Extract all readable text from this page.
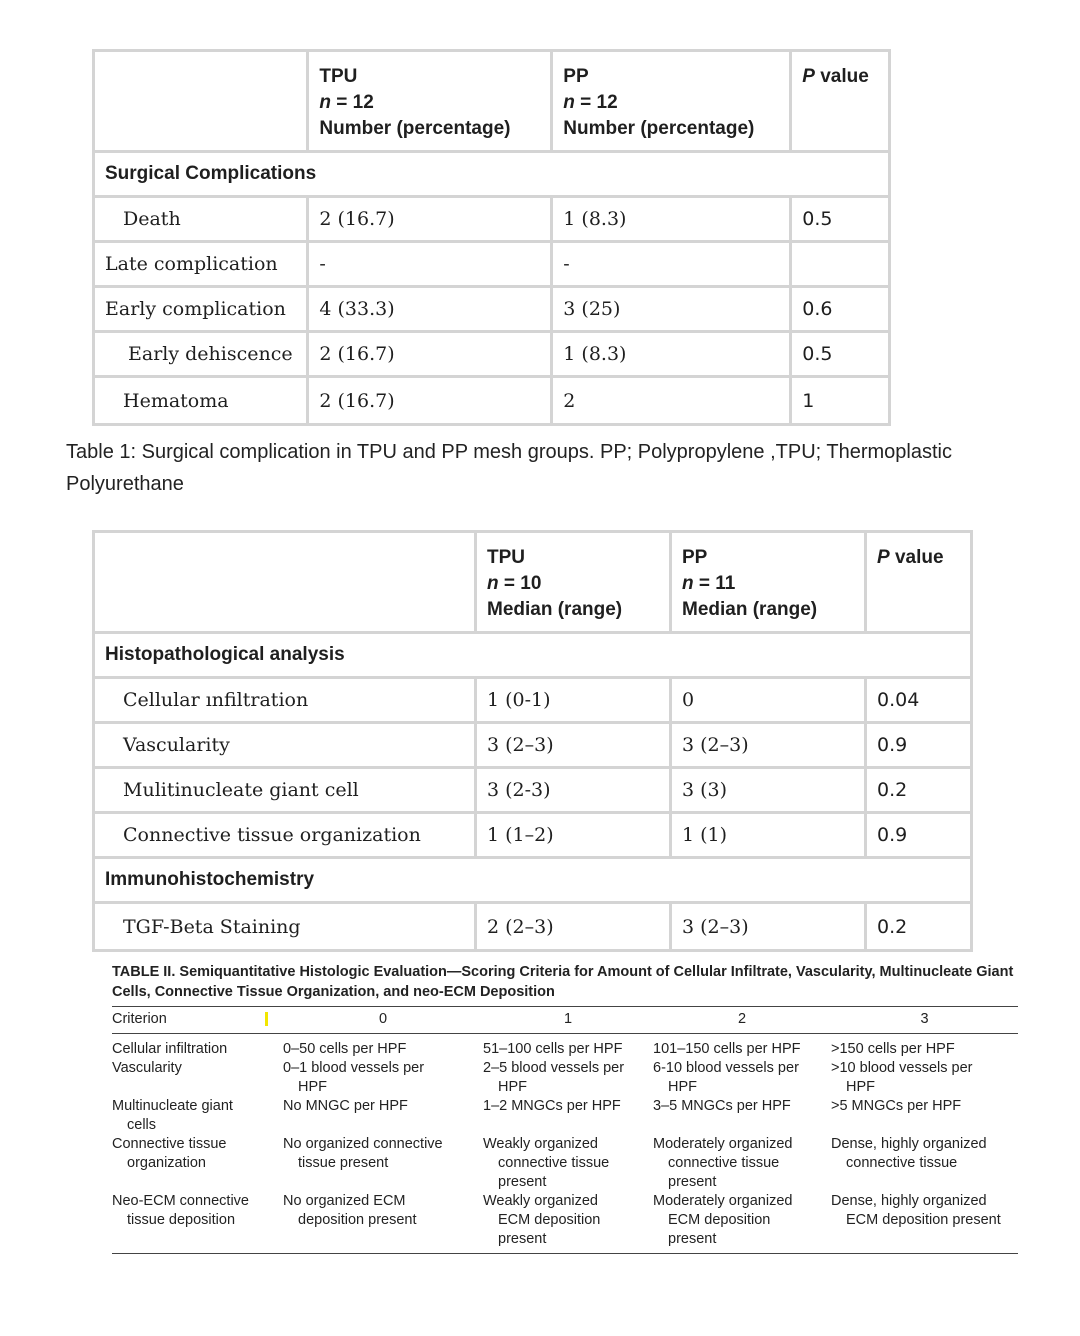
	TPU
n = 12
Number (percentage)	PP
n = 12
Number (percentage)	P value
Surgical Complications			
Death	2 (16.7)	1 (8.3)	0.5
Late complication	-	-	
Early complication	4 (33.3)	3 (25)	0.6
Early dehiscence	2 (16.7)	1 (8.3)	0.5
Hematoma	2 (16.7)	2	1
Table 1: Surgical complication in TPU and PP mesh groups. PP; Polypropylene ,TPU; Thermoplastic Polyurethane

	TPU
n = 10
Median (range)	PP
n = 11
Median (range)	P value
Histopathological analysis			
Cellular ınfiltration	1 (0-1)	0	0.04
Vascularity	3 (2–3)	3 (2–3)	0.9
Mulitinucleate giant cell	3 (2-3)	3 (3)	0.2
Connective tissue organization	1 (1–2)	1 (1)	0.9
Immunohistochemistry			
TGF-Beta Staining	2 (2–3)	3 (2–3)	0.2
TABLE II. Semiquantitative Histologic Evaluation—Scoring Criteria for Amount of Cellular Infiltrate, Vascularity, Multinucleate Giant Cells, Connective Tissue Organization, and neo-ECM Deposition
Criterion	0	1	2	3

Cellular infiltration	0–50 cells per HPF	51–100 cells per HPF	101–150 cells per HPF	>150 cells per HPF

Vascularity	0–1 blood vessels per HPF	2–5 blood vessels per HPF	6-10 blood vessels per HPF	>10 blood vessels per HPF

Multinucleate giant cells	No MNGC per HPF	1–2 MNGCs per HPF	3–5 MNGCs per HPF	>5 MNGCs per HPF

Connective tissue organization	No organized connective tissue present	Weakly organized connective tissue present	Moderately organized connective tissue present	Dense, highly organized connective tissue

Neo-ECM connective tissue deposition	No organized ECM deposition present	Weakly organized ECM deposition present	Moderately organized ECM deposition present	Dense, highly organized ECM deposition present
